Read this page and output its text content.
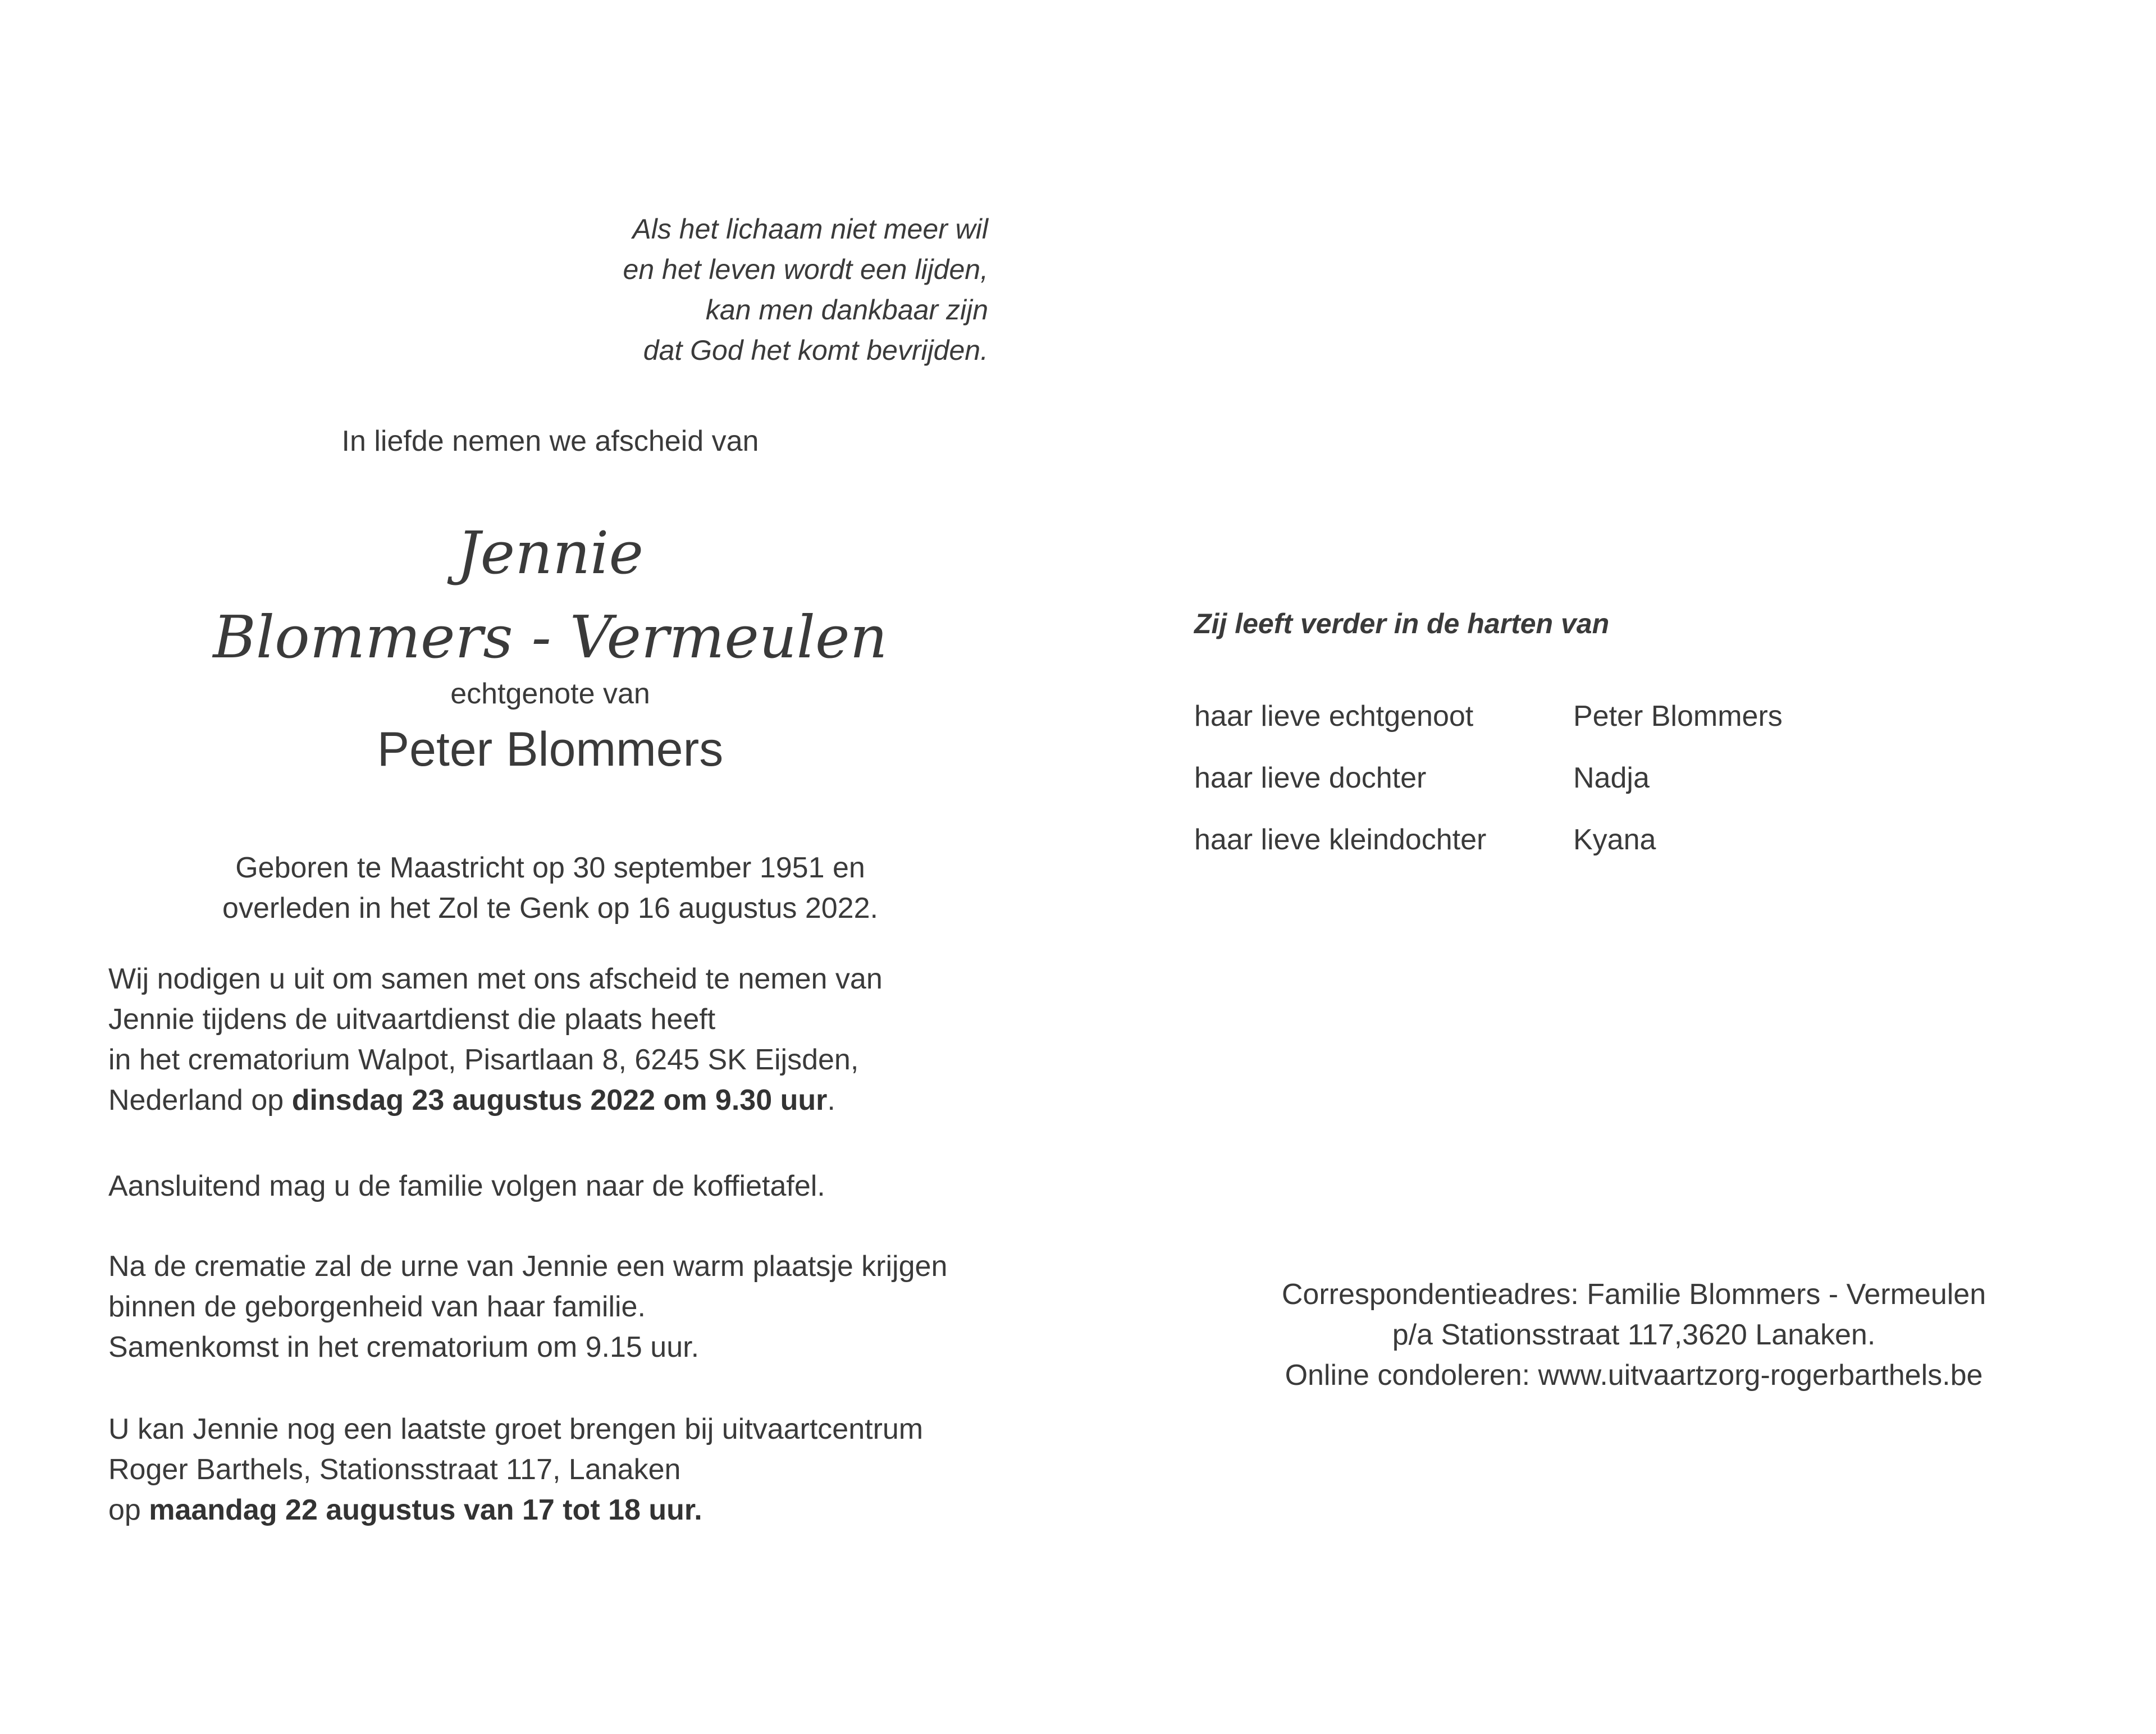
Als het lichaam niet meer wil
en het leven wordt een lijden,
kan men dankbaar zijn
dat God het komt bevrijden.
In liefde nemen we afscheid van
Jennie
Blommers - Vermeulen
echtgenote van
Peter Blommers
Geboren te Maastricht op 30 september 1951 en
overleden in het Zol te Genk op 16 augustus 2022.
Wij nodigen u uit om samen met ons afscheid te nemen van
Jennie tijdens de uitvaartdienst die plaats heeft
in het crematorium Walpot, Pisartlaan 8, 6245 SK Eijsden,
Nederland op dinsdag 23 augustus 2022 om 9.30 uur.
Aansluitend mag u de familie volgen naar de koffietafel.
Na de crematie zal de urne van Jennie een warm plaatsje krijgen
binnen de geborgenheid van haar familie.
Samenkomst in het crematorium om 9.15 uur.
U kan Jennie nog een laatste groet brengen bij uitvaartcentrum
Roger Barthels, Stationsstraat 117, Lanaken
op maandag 22 augustus van 17 tot 18 uur.
Zij leeft verder in de harten van
haar lieve echtgenoot	Peter Blommers
haar lieve dochter	Nadja
haar lieve kleindochter	Kyana
Correspondentieadres: Familie Blommers - Vermeulen
p/a Stationsstraat 117,3620 Lanaken.
Online condoleren: www.uitvaartzorg-rogerbarthels.be
